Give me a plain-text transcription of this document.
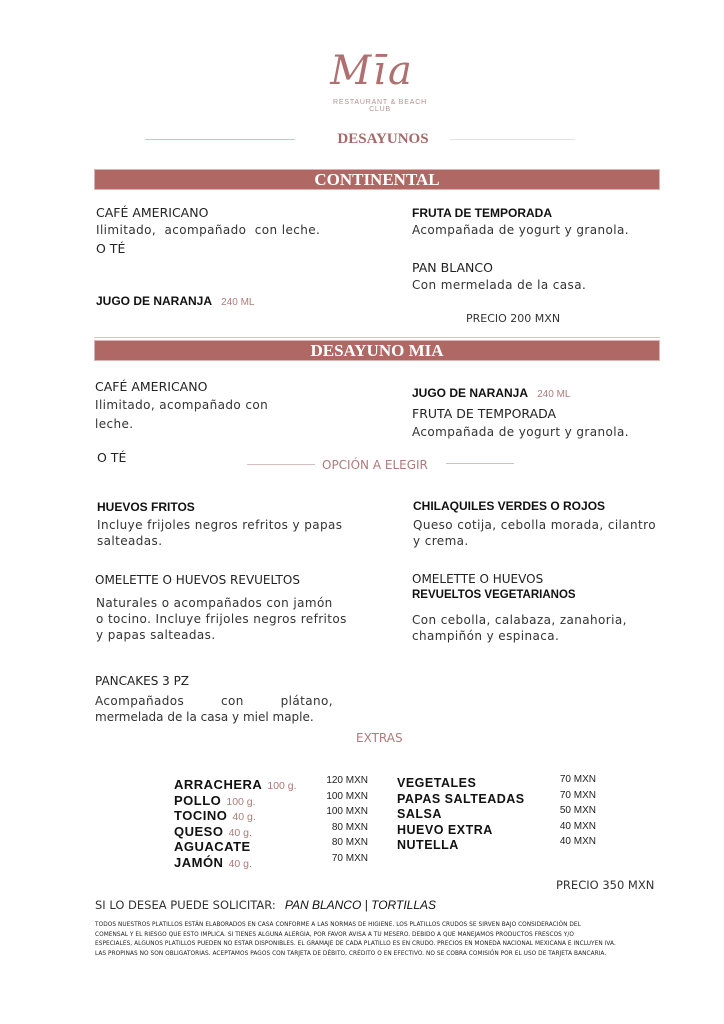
Mīa
RESTAURANT & BEACH CLUB
DESAYUNOS
CONTINENTAL
CAFÉ AMERICANO
Ilimitado,  acompañado  con leche.
O TÉ
JUGO DE NARANJA 240 ML
FRUTA DE TEMPORADA
Acompañada de yogurt y granola.
PAN BLANCO
Con mermelada de la casa.
PRECIO 200 MXN
DESAYUNO MIA
CAFÉ AMERICANO
Ilimitado, acompañado con
leche.
O TÉ
JUGO DE NARANJA 240 ML
FRUTA DE TEMPORADA
Acompañada de yogurt y granola.
OPCIÓN A ELEGIR
HUEVOS FRITOS
Incluye frijoles negros refritos y papas
salteadas.
CHILAQUILES VERDES O ROJOS
Queso cotija, cebolla morada, cilantro
y crema.
OMELETTE O HUEVOS REVUELTOS
Naturales o acompañados con jamón
o tocino. Incluye frijoles negros refritos
y papas salteadas.
OMELETTE O HUEVOS
REVUELTOS VEGETARIANOS
Con cebolla, calabaza, zanahoria,
champiñón y espinaca.
PANCAKES 3 PZ
Acompañados con plátano,
mermelada de la casa y miel maple.
EXTRAS
ARRACHERA 100 g.	120 MXN
POLLO 100 g.	100 MXN
TOCINO 40 g.	100 MXN
QUESO 40 g.	80 MXN
AGUACATE	80 MXN
JAMÓN 40 g.	70 MXN
VEGETALES	70 MXN
PAPAS SALTEADAS	70 MXN
SALSA	50 MXN
HUEVO EXTRA	40 MXN
NUTELLA	40 MXN
PRECIO 350 MXN
SI LO DESEA PUEDE SOLICITAR: PAN BLANCO | TORTILLAS
TODOS NUESTROS PLATILLOS ESTÁN ELABORADOS EN CASA CONFORME A LAS NORMAS DE HIGIENE. LOS PLATILLOS CRUDOS SE SIRVEN BAJO CONSIDERACIÓN DEL
COMENSAL Y EL RIESGO QUE ESTO IMPLICA. SI TIENES ALGUNA ALERGIA, POR FAVOR AVISA A TU MESERO. DEBIDO A QUE MANEJAMOS PRODUCTOS FRESCOS Y/O
ESPECIALES, ALGUNOS PLATILLOS PUEDEN NO ESTAR DISPONIBLES. EL GRAMAJE DE CADA PLATILLO ES EN CRUDO. PRECIOS EN MONEDA NACIONAL MEXICANA E INCLUYEN IVA.
LAS PROPINAS NO SON OBLIGATORIAS. ACEPTAMOS PAGOS CON TARJETA DE DÉBITO, CRÉDITO O EN EFECTIVO. NO SE COBRA COMISIÓN POR EL USO DE TARJETA BANCARIA.
